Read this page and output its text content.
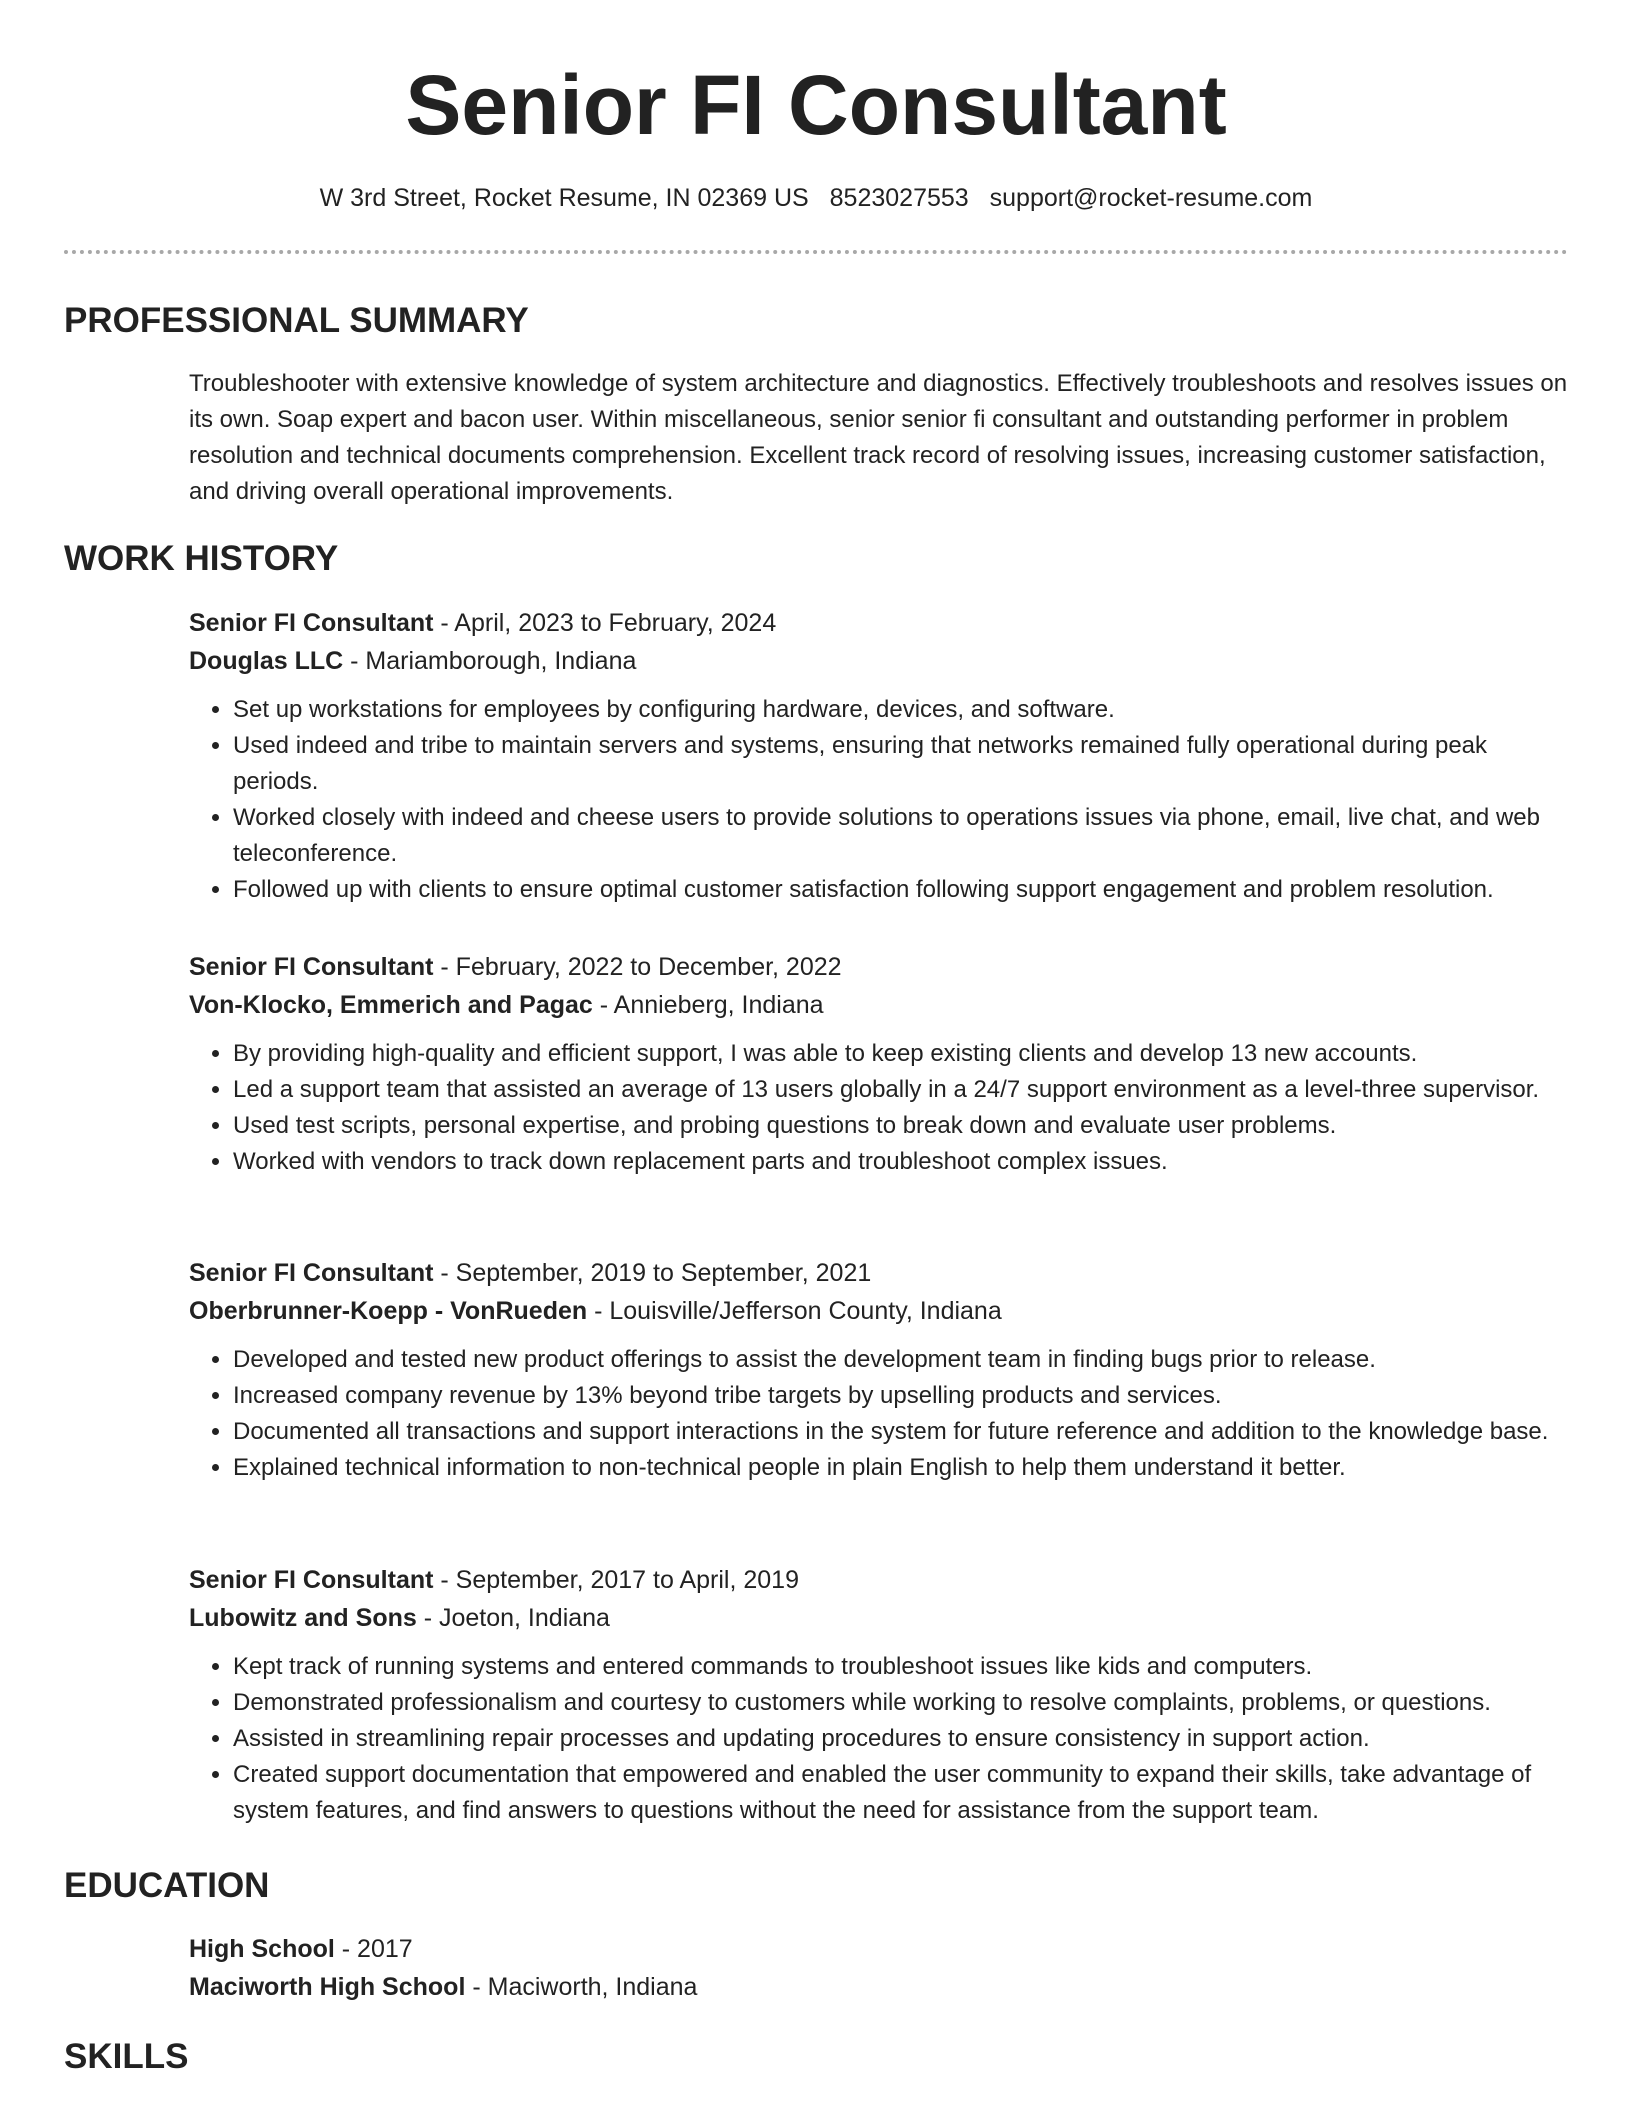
Senior FI Consultant
W 3rd Street, Rocket Resume, IN 02369 US 8523027553 support@rocket-resume.com
PROFESSIONAL SUMMARY

Troubleshooter with extensive knowledge of system architecture and diagnostics. Effectively troubleshoots and resolves issues on its own. Soap expert and bacon user. Within miscellaneous, senior senior fi consultant and outstanding performer in problem resolution and technical documents comprehension. Excellent track record of resolving issues, increasing customer satisfaction, and driving overall operational improvements.

WORK HISTORY

Senior FI Consultant - April, 2023 to February, 2024

Douglas LLC - Mariamborough, Indiana

• Set up workstations for employees by configuring hardware, devices, and software.
• Used indeed and tribe to maintain servers and systems, ensuring that networks remained fully operational during peak periods.
• Worked closely with indeed and cheese users to provide solutions to operations issues via phone, email, live chat, and web teleconference.
• Followed up with clients to ensure optimal customer satisfaction following support engagement and problem resolution.

Senior FI Consultant - February, 2022 to December, 2022

Von-Klocko, Emmerich and Pagac - Annieberg, Indiana

• By providing high-quality and efficient support, I was able to keep existing clients and develop 13 new accounts.
• Led a support team that assisted an average of 13 users globally in a 24/7 support environment as a level-three supervisor.
• Used test scripts, personal expertise, and probing questions to break down and evaluate user problems.
• Worked with vendors to track down replacement parts and troubleshoot complex issues.

Senior FI Consultant - September, 2019 to September, 2021

Oberbrunner-Koepp - VonRueden - Louisville/Jefferson County, Indiana

• Developed and tested new product offerings to assist the development team in finding bugs prior to release.
• Increased company revenue by 13% beyond tribe targets by upselling products and services.
• Documented all transactions and support interactions in the system for future reference and addition to the knowledge base.
• Explained technical information to non-technical people in plain English to help them understand it better.

Senior FI Consultant - September, 2017 to April, 2019

Lubowitz and Sons - Joeton, Indiana

• Kept track of running systems and entered commands to troubleshoot issues like kids and computers.
• Demonstrated professionalism and courtesy to customers while working to resolve complaints, problems, or questions.
• Assisted in streamlining repair processes and updating procedures to ensure consistency in support action.
• Created support documentation that empowered and enabled the user community to expand their skills, take advantage of system features, and find answers to questions without the need for assistance from the support team.
EDUCATION

High School - 2017

Maciworth High School - Maciworth, Indiana

SKILLS
